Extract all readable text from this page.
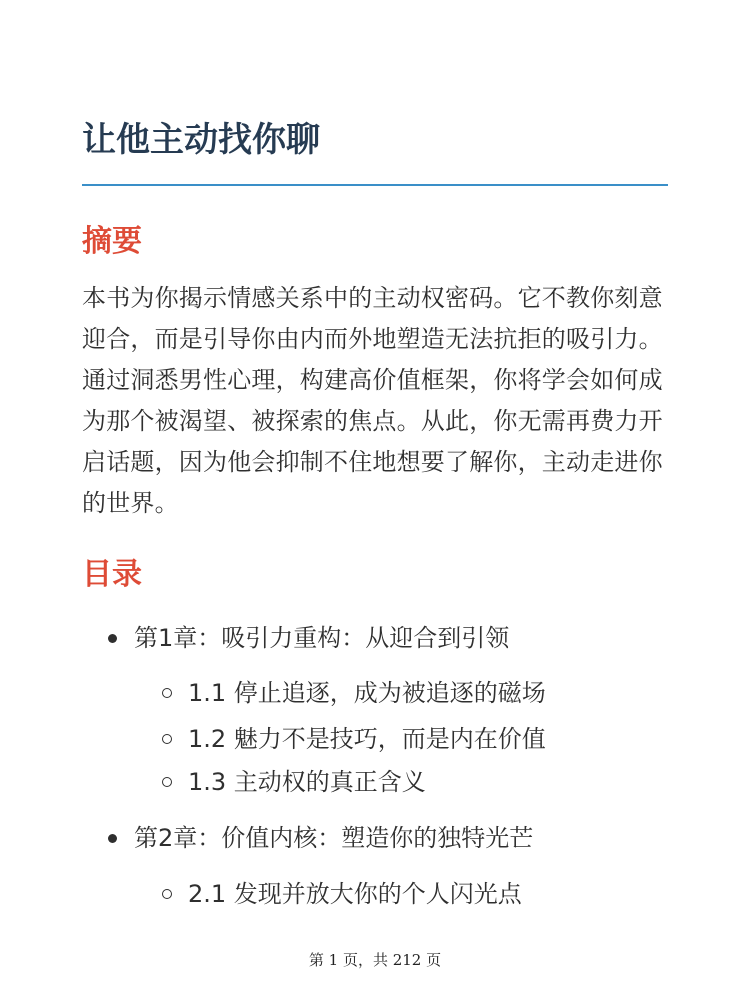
让他主动找你聊
摘要

本书为你揭示情感关系中的主动权密码。它不教你刻意迎合，而是引导你由内而外地塑造无法抗拒的吸引力。通过洞悉男性心理，构建高价值框架，你将学会如何成为那个被渴望、被探索的焦点。从此，你无需再费力开启话题，因为他会抑制不住地想要了解你，主动走进你的世界。

目录
第1章：吸引力重构：从迎合到引领
1.1 停止追逐，成为被追逐的磁场
1.2 魅力不是技巧，而是内在价值
1.3 主动权的真正含义
第2章：价值内核：塑造你的独特光芒
2.1 发现并放大你的个人闪光点
第 1 页，共 212 页
